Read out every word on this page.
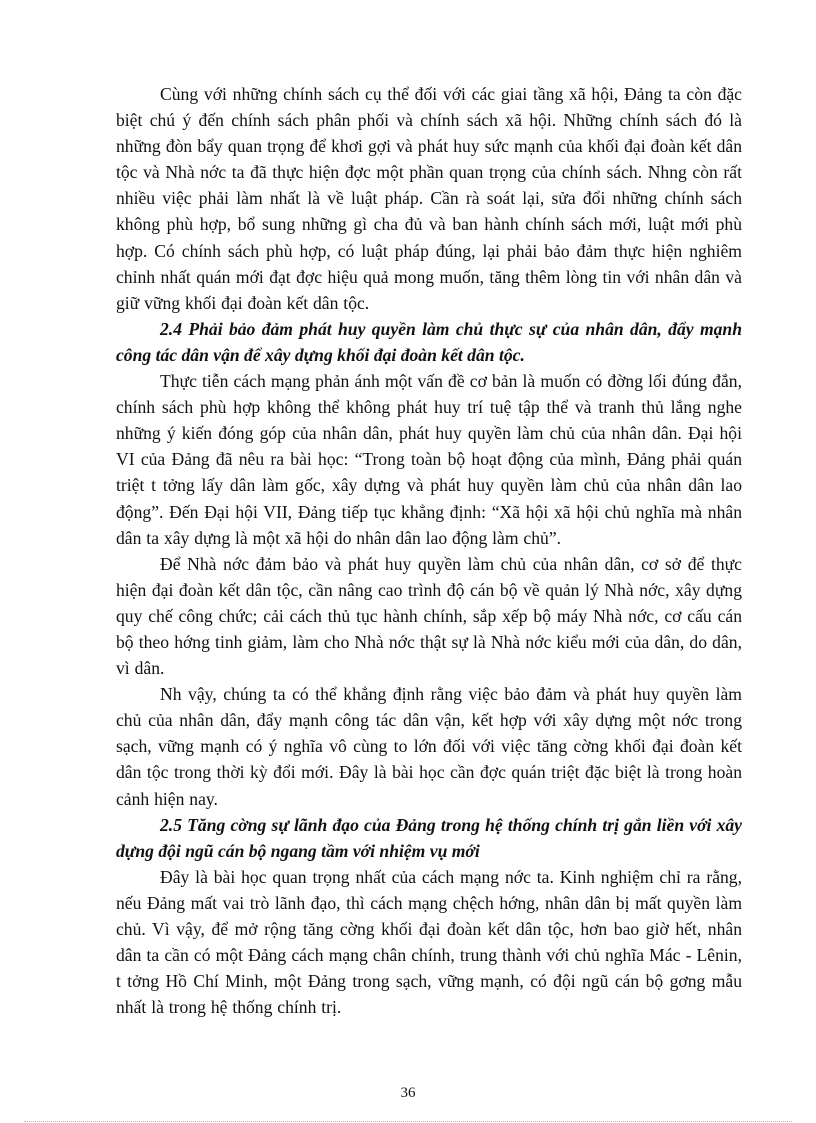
Cùng với những chính sách cụ thể đối với các giai tầng xã hội, Đảng ta còn đặc biệt chú ý đến chính sách phân phối và chính sách xã hội. Những chính sách đó là những đòn bẩy quan trọng để khơi gợi và phát huy sức mạnh của khối đại đoàn kết dân tộc và Nhà nớc ta đã thực hiện đợc một phần quan trọng của chính sách. Nhng còn rất nhiều việc phải làm nhất là về luật pháp. Cần rà soát lại, sửa đổi những chính sách không phù hợp, bổ sung những gì cha đủ và ban hành chính sách mới, luật mới phù hợp. Có chính sách phù hợp, có luật pháp đúng, lại phải bảo đảm thực hiện nghiêm chỉnh nhất quán mới đạt đợc hiệu quả mong muốn, tăng thêm lòng tin với nhân dân và giữ vững khối đại đoàn kết dân tộc.

2.4 Phải bảo đảm phát huy quyền làm chủ thực sự của nhân dân, đẩy mạnh công tác dân vận để xây dựng khối đại đoàn kết dân tộc.

Thực tiễn cách mạng phản ánh một vấn đề cơ bản là muốn có đờng lối đúng đắn, chính sách phù hợp không thể không phát huy trí tuệ tập thể và tranh thủ lắng nghe những ý kiến đóng góp của nhân dân, phát huy quyền làm chủ của nhân dân. Đại hội VI của Đảng đã nêu ra bài học: “Trong toàn bộ hoạt động của mình, Đảng phải quán triệt t tởng lấy dân làm gốc, xây dựng và phát huy quyền làm chủ của nhân dân lao động”. Đến Đại hội VII, Đảng tiếp tục khẳng định: “Xã hội xã hội chủ nghĩa mà nhân dân ta xây dựng là một xã hội do nhân dân lao động làm chủ”.

Để Nhà nớc đảm bảo và phát huy quyền làm chủ của nhân dân, cơ sở để thực hiện đại đoàn kết dân tộc, cần nâng cao trình độ cán bộ về quản lý Nhà nớc, xây dựng quy chế công chức; cải cách thủ tục hành chính, sắp xếp bộ máy Nhà nớc, cơ cấu cán bộ theo hớng tinh giảm, làm cho Nhà nớc thật sự là Nhà nớc kiểu mới của dân, do dân, vì dân.

Nh vậy, chúng ta có thể khẳng định rằng việc bảo đảm và phát huy quyền làm chủ của nhân dân, đẩy mạnh công tác dân vận, kết hợp với xây dựng một nớc trong sạch, vững mạnh có ý nghĩa vô cùng to lớn đối với việc tăng cờng khối đại đoàn kết dân tộc trong thời kỳ đổi mới. Đây là bài học cần đợc quán triệt đặc biệt là trong hoàn cảnh hiện nay.

2.5 Tăng cờng sự lãnh đạo của Đảng trong hệ thống chính trị gắn liền với xây dựng đội ngũ cán bộ ngang tầm với nhiệm vụ mới

Đây là bài học quan trọng nhất của cách mạng nớc ta. Kinh nghiệm chỉ ra rằng, nếu Đảng mất vai trò lãnh đạo, thì cách mạng chệch hớng, nhân dân bị mất quyền làm chủ. Vì vậy, để mở rộng tăng cờng khối đại đoàn kết dân tộc, hơn bao giờ hết, nhân dân ta cần có một Đảng cách mạng chân chính, trung thành với chủ nghĩa Mác - Lênin, t tởng Hồ Chí Minh, một Đảng trong sạch, vững mạnh, có đội ngũ cán bộ gơng mẫu nhất là trong hệ thống chính trị.

36
